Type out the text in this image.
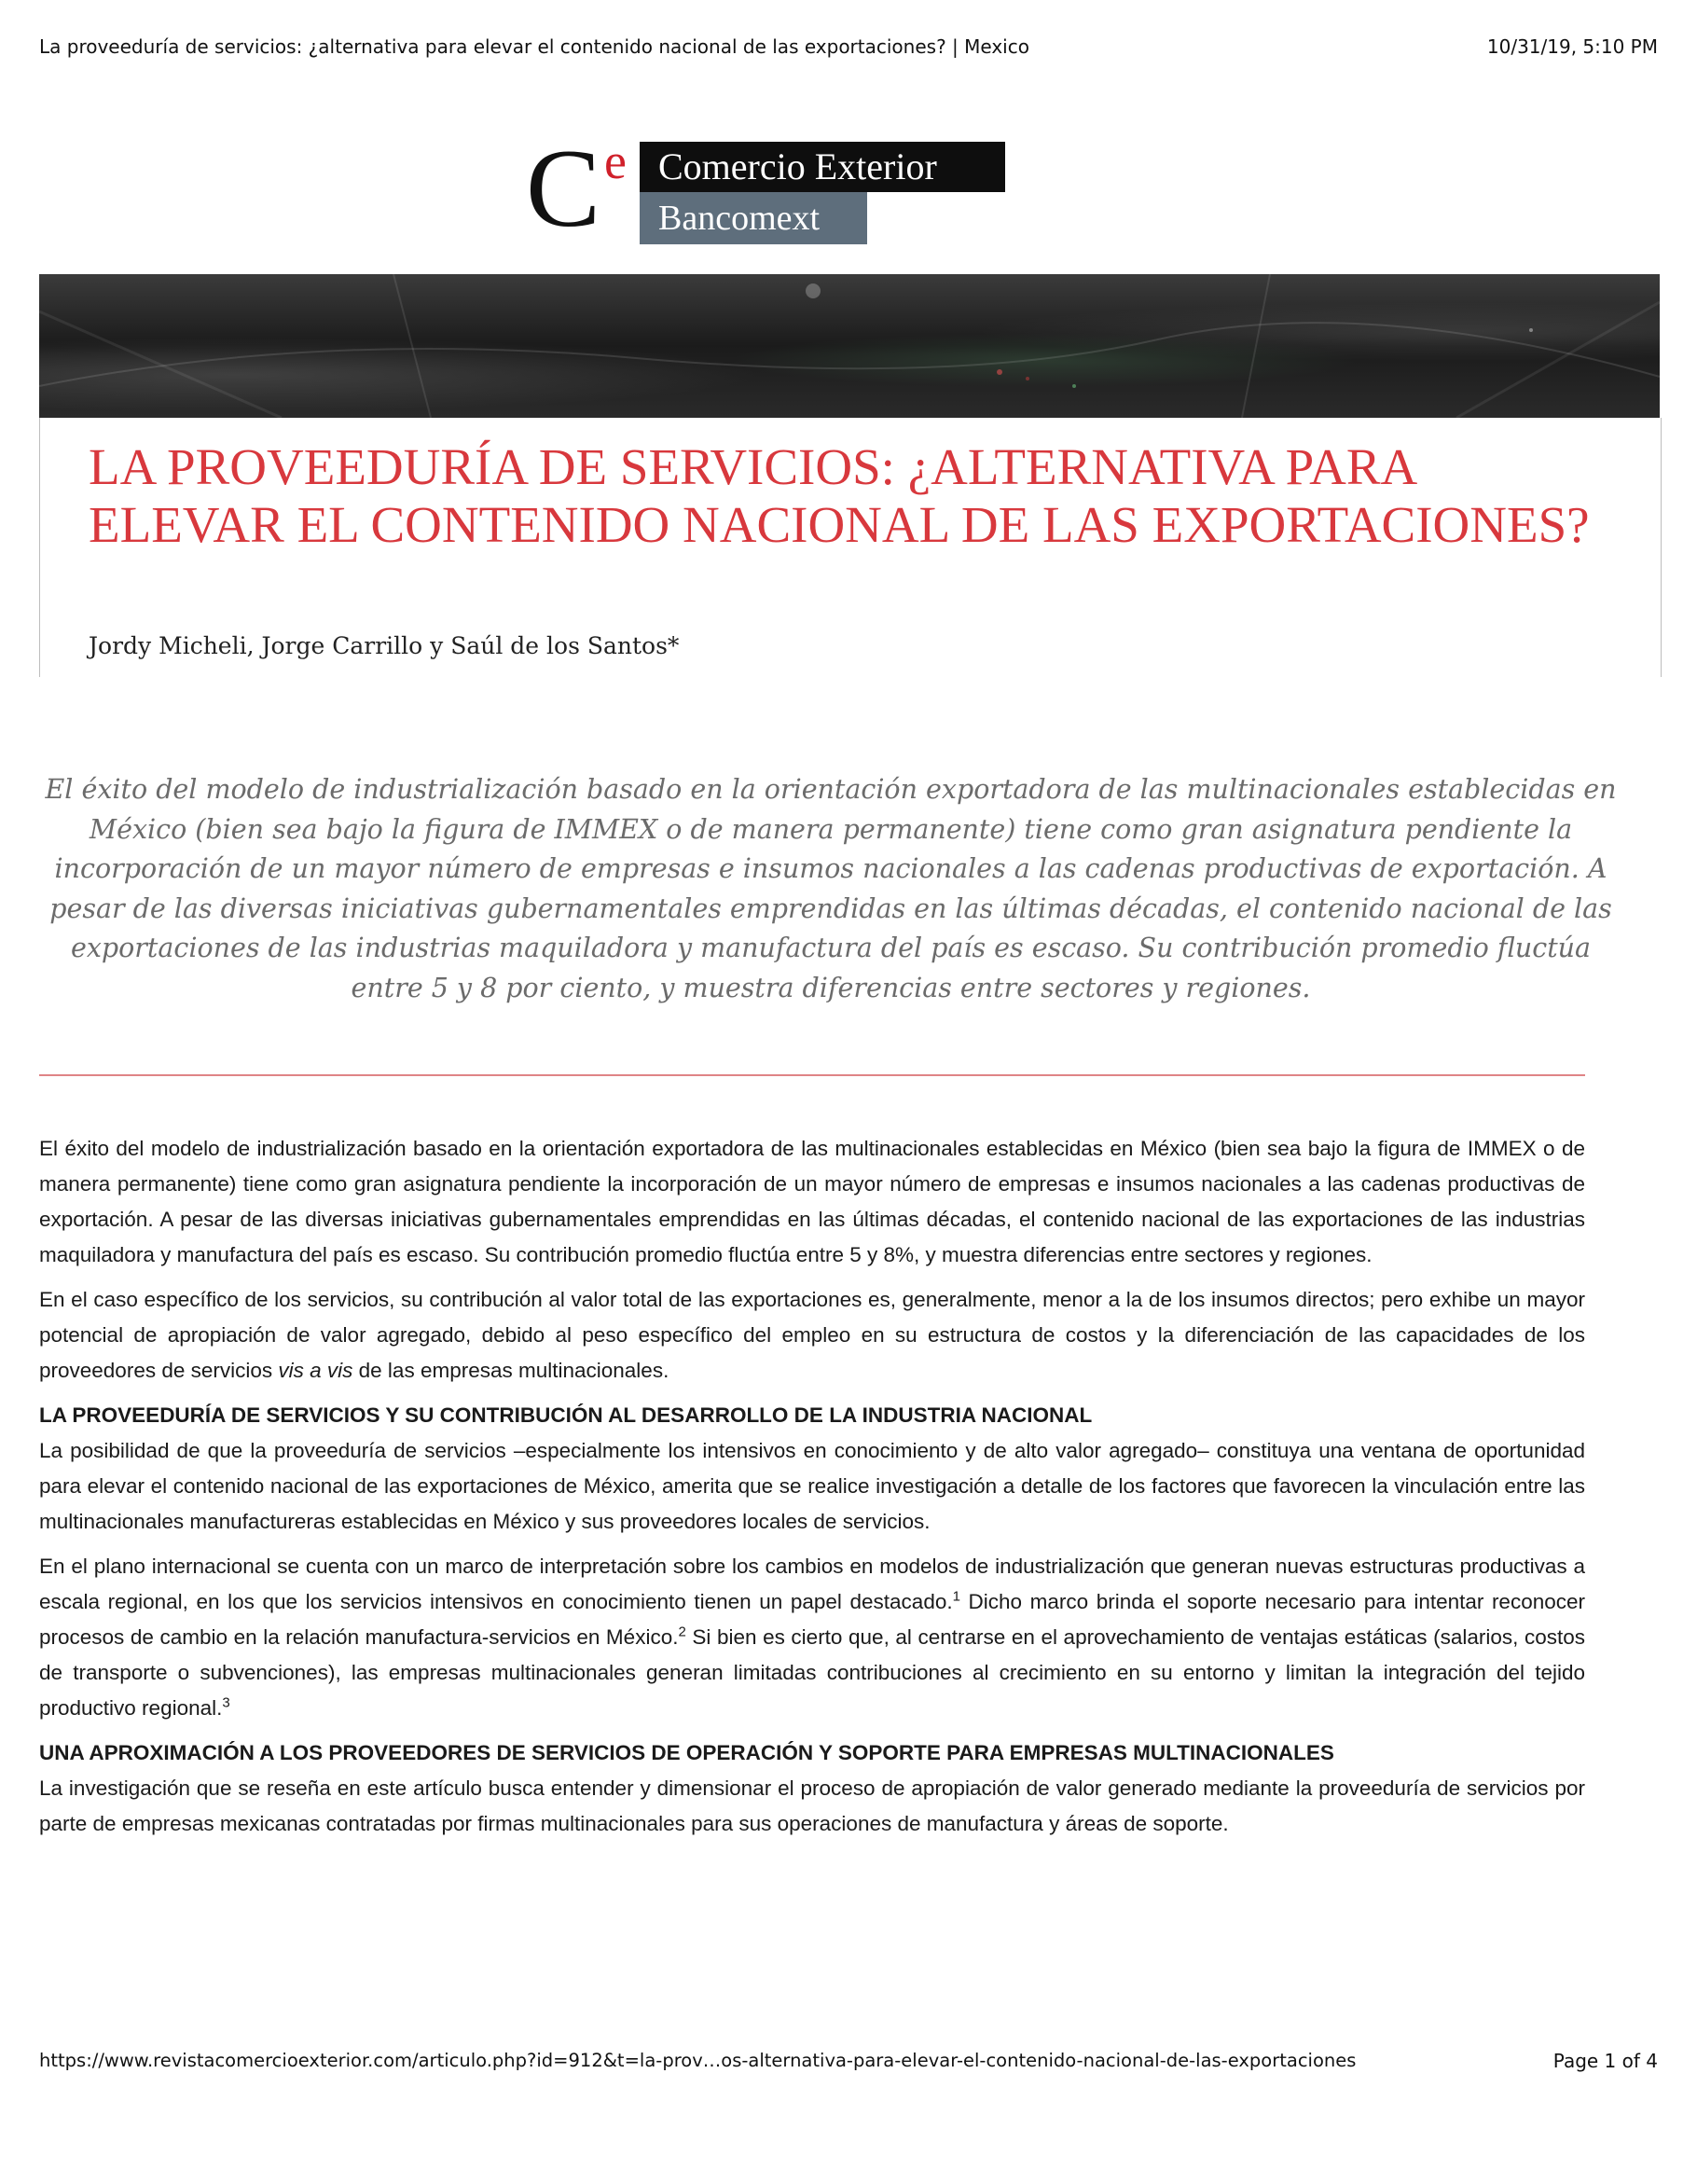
La proveeduría de servicios: ¿alternativa para elevar el contenido nacional de las exportaciones? | Mexico	10/31/19, 5:10 PM
C e Comercio Exterior
Bancomext
LA PROVEEDURÍA DE SERVICIOS: ¿ALTERNATIVA PARA ELEVAR EL CONTENIDO NACIONAL DE LAS EXPORTACIONES?

Jordy Micheli, Jorge Carrillo y Saúl de los Santos*

El éxito del modelo de industrialización basado en la orientación exportadora de las multinacionales establecidas en México (bien sea bajo la figura de IMMEX o de manera permanente) tiene como gran asignatura pendiente la incorporación de un mayor número de empresas e insumos nacionales a las cadenas productivas de exportación. A pesar de las diversas iniciativas gubernamentales emprendidas en las últimas décadas, el contenido nacional de las exportaciones de las industrias maquiladora y manufactura del país es escaso. Su contribución promedio fluctúa entre 5 y 8 por ciento, y muestra diferencias entre sectores y regiones.

El éxito del modelo de industrialización basado en la orientación exportadora de las multinacionales establecidas en México (bien sea bajo la figura de IMMEX o de manera permanente) tiene como gran asignatura pendiente la incorporación de un mayor número de empresas e insumos nacionales a las cadenas productivas de exportación. A pesar de las diversas iniciativas gubernamentales emprendidas en las últimas décadas, el contenido nacional de las exportaciones de las industrias maquiladora y manufactura del país es escaso. Su contribución promedio fluctúa entre 5 y 8%, y muestra diferencias entre sectores y regiones.

En el caso específico de los servicios, su contribución al valor total de las exportaciones es, generalmente, menor a la de los insumos directos; pero exhibe un mayor potencial de apropiación de valor agregado, debido al peso específico del empleo en su estructura de costos y la diferenciación de las capacidades de los proveedores de servicios vis a vis de las empresas multinacionales.

LA PROVEEDURÍA DE SERVICIOS Y SU CONTRIBUCIÓN AL DESARROLLO DE LA INDUSTRIA NACIONAL

La posibilidad de que la proveeduría de servicios –especialmente los intensivos en conocimiento y de alto valor agregado– constituya una ventana de oportunidad para elevar el contenido nacional de las exportaciones de México, amerita que se realice investigación a detalle de los factores que favorecen la vinculación entre las multinacionales manufactureras establecidas en México y sus proveedores locales de servicios.

En el plano internacional se cuenta con un marco de interpretación sobre los cambios en modelos de industrialización que generan nuevas estructuras productivas a escala regional, en los que los servicios intensivos en conocimiento tienen un papel destacado.$^1$ Dicho marco brinda el soporte necesario para intentar reconocer procesos de cambio en la relación manufactura-servicios en México.$^2$ Si bien es cierto que, al centrarse en el aprovechamiento de ventajas estáticas (salarios, costos de transporte o subvenciones), las empresas multinacionales generan limitadas contribuciones al crecimiento en su entorno y limitan la integración del tejido productivo regional.$^3$

UNA APROXIMACIÓN A LOS PROVEEDORES DE SERVICIOS DE OPERACIÓN Y SOPORTE PARA EMPRESAS MULTINACIONALES

La investigación que se reseña en este artículo busca entender y dimensionar el proceso de apropiación de valor generado mediante la proveeduría de servicios por parte de empresas mexicanas contratadas por firmas multinacionales para sus operaciones de manufactura y áreas de soporte.

https://www.revistacomercioexterior.com/articulo.php?id=912&t=la-prov…os-alternativa-para-elevar-el-contenido-nacional-de-las-exportaciones	Page 1 of 4
